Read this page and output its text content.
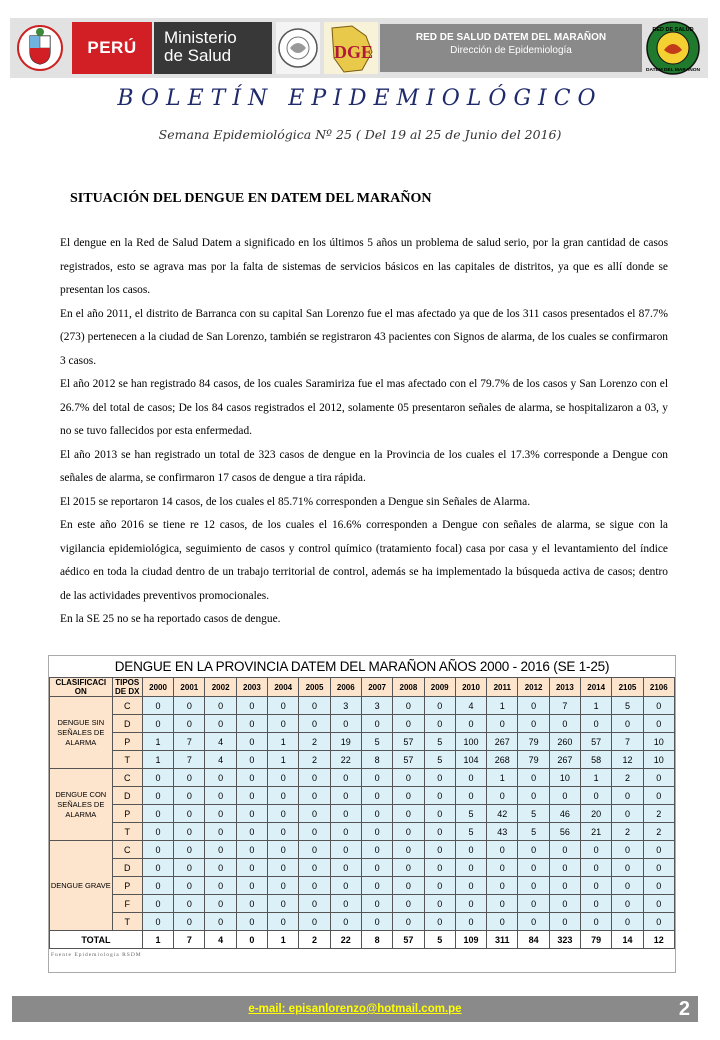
PERÚ
Ministerio
de Salud	DGE
RED DE SALUD DATEM DEL MARAÑON
Dirección de Epidemiología
RED DE SALUD
DATEM DEL MARAÑON
BOLETÍN EPIDEMIOLÓGICO
Semana Epidemiológica Nº 25 ( Del 19 al 25 de Junio del 2016)
SITUACIÓN DEL DENGUE EN DATEM DEL MARAÑON

El dengue en la Red de Salud Datem a significado en los últimos 5 años un problema de salud serio, por la gran cantidad de casos registrados, esto se agrava mas por la falta de sistemas de servicios básicos en las capitales de distritos, ya que es allí donde se presentan los casos.

En el año 2011, el distrito de Barranca con su capital San Lorenzo fue el mas afectado ya que de los 311 casos presentados el 87.7% (273) pertenecen a la ciudad de San Lorenzo, también se registraron 43 pacientes con Signos de alarma, de los cuales se confirmaron 3 casos.

El año 2012 se han registrado 84 casos, de los cuales Saramiriza fue el mas afectado con el 79.7% de los casos y San Lorenzo con el 26.7% del total de casos; De los 84 casos registrados el 2012, solamente 05 presentaron señales de alarma, se hospitalizaron a 03, y no se tuvo fallecidos por esta enfermedad.

El año 2013 se han registrado un total de 323 casos de dengue en la Provincia de los cuales el 17.3% corresponde a Dengue con señales de alarma, se confirmaron 17 casos de dengue a tira rápida.

El 2015 se reportaron 14 casos, de los cuales el 85.71% corresponden a Dengue sin Señales de Alarma.

En este año 2016 se tiene re 12 casos, de los cuales el 16.6% corresponden a Dengue con señales de alarma, se sigue con la vigilancia epidemiológica, seguimiento de casos y control químico (tratamiento focal) casa por casa y el levantamiento del índice aédico en toda la ciudad dentro de un trabajo territorial de control, además se ha implementado la búsqueda activa de casos; dentro de las actividades preventivos promocionales.

En la SE 25 no se ha reportado casos de dengue.

DENGUE EN LA PROVINCIA DATEM DEL MARAÑON AÑOS 2000 - 2016 (SE 1-25)
CLASIFICACI ON	TIPOS DE DX	2000	2001	2002	2003	2004	2005	2006	2007	2008	2009	2010	2011	2012	2013	2014	2105	2106
DENGUE SIN SEÑALES DE ALARMA	C	0	0	0	0	0	0	3	3	0	0	4	1	0	7	1	5	0
	D	0	0	0	0	0	0	0	0	0	0	0	0	0	0	0	0	0
	P	1	7	4	0	1	2	19	5	57	5	100	267	79	260	57	7	10
	T	1	7	4	0	1	2	22	8	57	5	104	268	79	267	58	12	10
DENGUE CON SEÑALES DE ALARMA	C	0	0	0	0	0	0	0	0	0	0	0	1	0	10	1	2	0
	D	0	0	0	0	0	0	0	0	0	0	0	0	0	0	0	0	0
	P	0	0	0	0	0	0	0	0	0	0	5	42	5	46	20	0	2
	T	0	0	0	0	0	0	0	0	0	0	5	43	5	56	21	2	2
DENGUE GRAVE	C	0	0	0	0	0	0	0	0	0	0	0	0	0	0	0	0	0
	D	0	0	0	0	0	0	0	0	0	0	0	0	0	0	0	0	0
	P	0	0	0	0	0	0	0	0	0	0	0	0	0	0	0	0	0
	F	0	0	0	0	0	0	0	0	0	0	0	0	0	0	0	0	0
	T	0	0	0	0	0	0	0	0	0	0	0	0	0	0	0	0	0
TOTAL		1	7	4	0	1	2	22	8	57	5	109	311	84	323	79	14	12
Fuente Epidemiologia RSDM
e-mail: episanlorenzo@hotmail.com.pe	2
